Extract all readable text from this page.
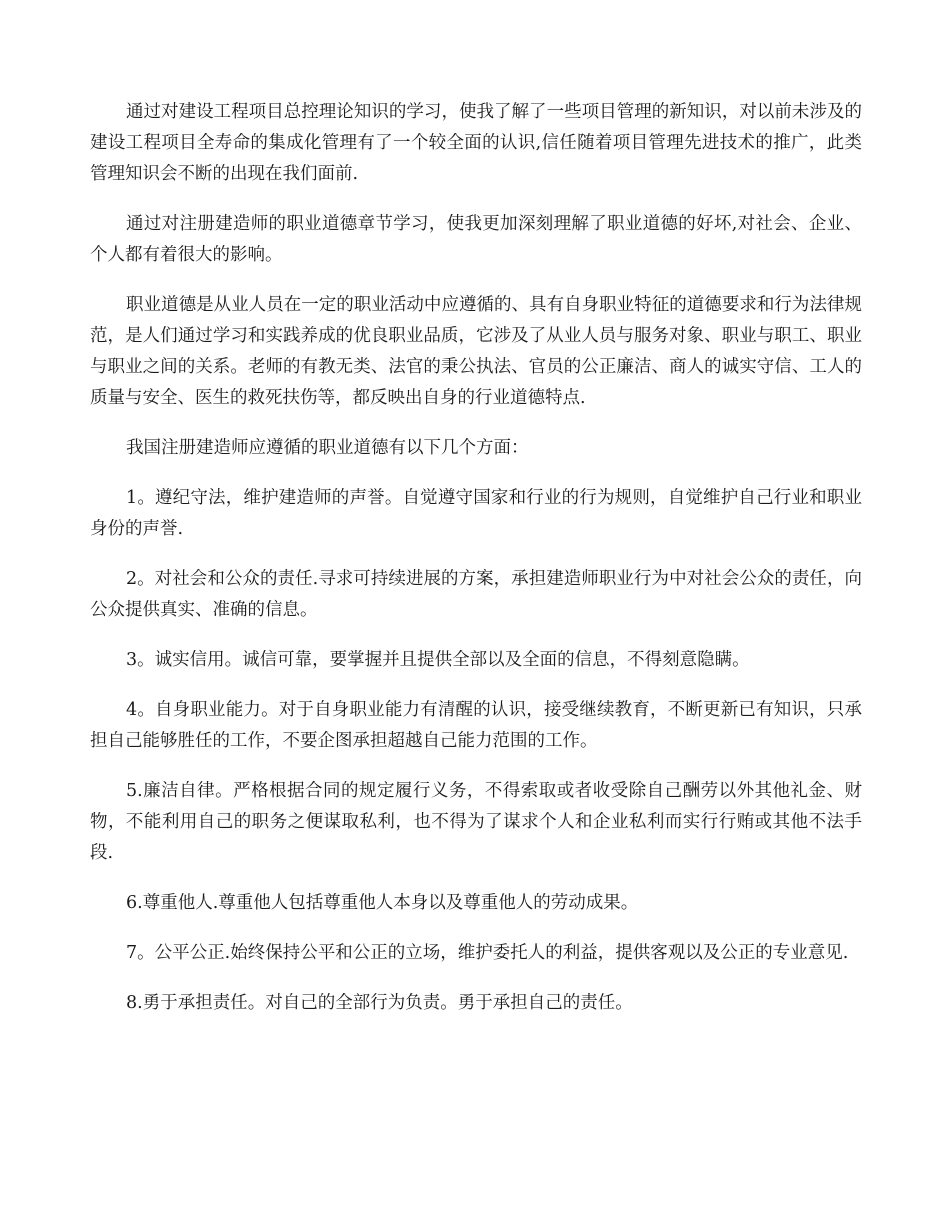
通过对建设工程项目总控理论知识的学习，使我了解了一些项目管理的新知识，对以前未涉及的建设工程项目全寿命的集成化管理有了一个较全面的认识,信任随着项目管理先进技术的推广，此类管理知识会不断的出现在我们面前.

通过对注册建造师的职业道德章节学习，使我更加深刻理解了职业道德的好坏,对社会、企业、个人都有着很大的影响。

职业道德是从业人员在一定的职业活动中应遵循的、具有自身职业特征的道德要求和行为法律规范，是人们通过学习和实践养成的优良职业品质，它涉及了从业人员与服务对象、职业与职工、职业与职业之间的关系。老师的有教无类、法官的秉公执法、官员的公正廉洁、商人的诚实守信、工人的质量与安全、医生的救死扶伤等，都反映出自身的行业道德特点.

我国注册建造师应遵循的职业道德有以下几个方面：

1。遵纪守法，维护建造师的声誉。自觉遵守国家和行业的行为规则，自觉维护自己行业和职业身份的声誉.

2。对社会和公众的责任.寻求可持续进展的方案，承担建造师职业行为中对社会公众的责任，向公众提供真实、准确的信息。

3。诚实信用。诚信可靠，要掌握并且提供全部以及全面的信息，不得刻意隐瞒。

4。自身职业能力。对于自身职业能力有清醒的认识，接受继续教育，不断更新已有知识，只承担自己能够胜任的工作，不要企图承担超越自己能力范围的工作。

5.廉洁自律。严格根据合同的规定履行义务，不得索取或者收受除自己酬劳以外其他礼金、财物，不能利用自己的职务之便谋取私利，也不得为了谋求个人和企业私利而实行行贿或其他不法手段.

6.尊重他人.尊重他人包括尊重他人本身以及尊重他人的劳动成果。

7。公平公正.始终保持公平和公正的立场，维护委托人的利益，提供客观以及公正的专业意见.

8.勇于承担责任。对自己的全部行为负责。勇于承担自己的责任。
